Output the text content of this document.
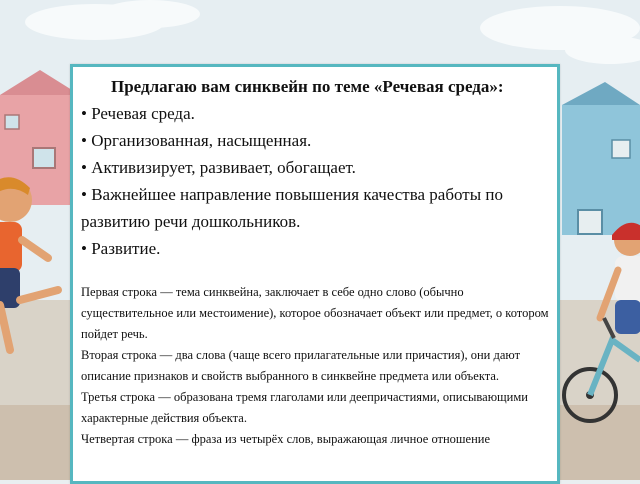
Предлагаю вам синквейн по теме «Речевая среда»:

• Речевая среда.
• Организованная, насыщенная.
• Активизирует, развивает, обогащает.
• Важнейшее направление повышения качества работы по развитию речи дошкольников.
• Развитие.

Первая строка — тема синквейна, заключает в себе одно слово (обычно существительное или местоимение), которое обозначает объект или предмет, о котором пойдет речь.

Вторая строка — два слова (чаще всего прилагательные или причастия), они дают описание признаков и свойств выбранного в синквейне предмета или объекта.

Третья строка — образована тремя глаголами или деепричастиями, описывающими характерные действия объекта.

Четвертая строка — фраза из четырёх слов, выражающая личное отношение
